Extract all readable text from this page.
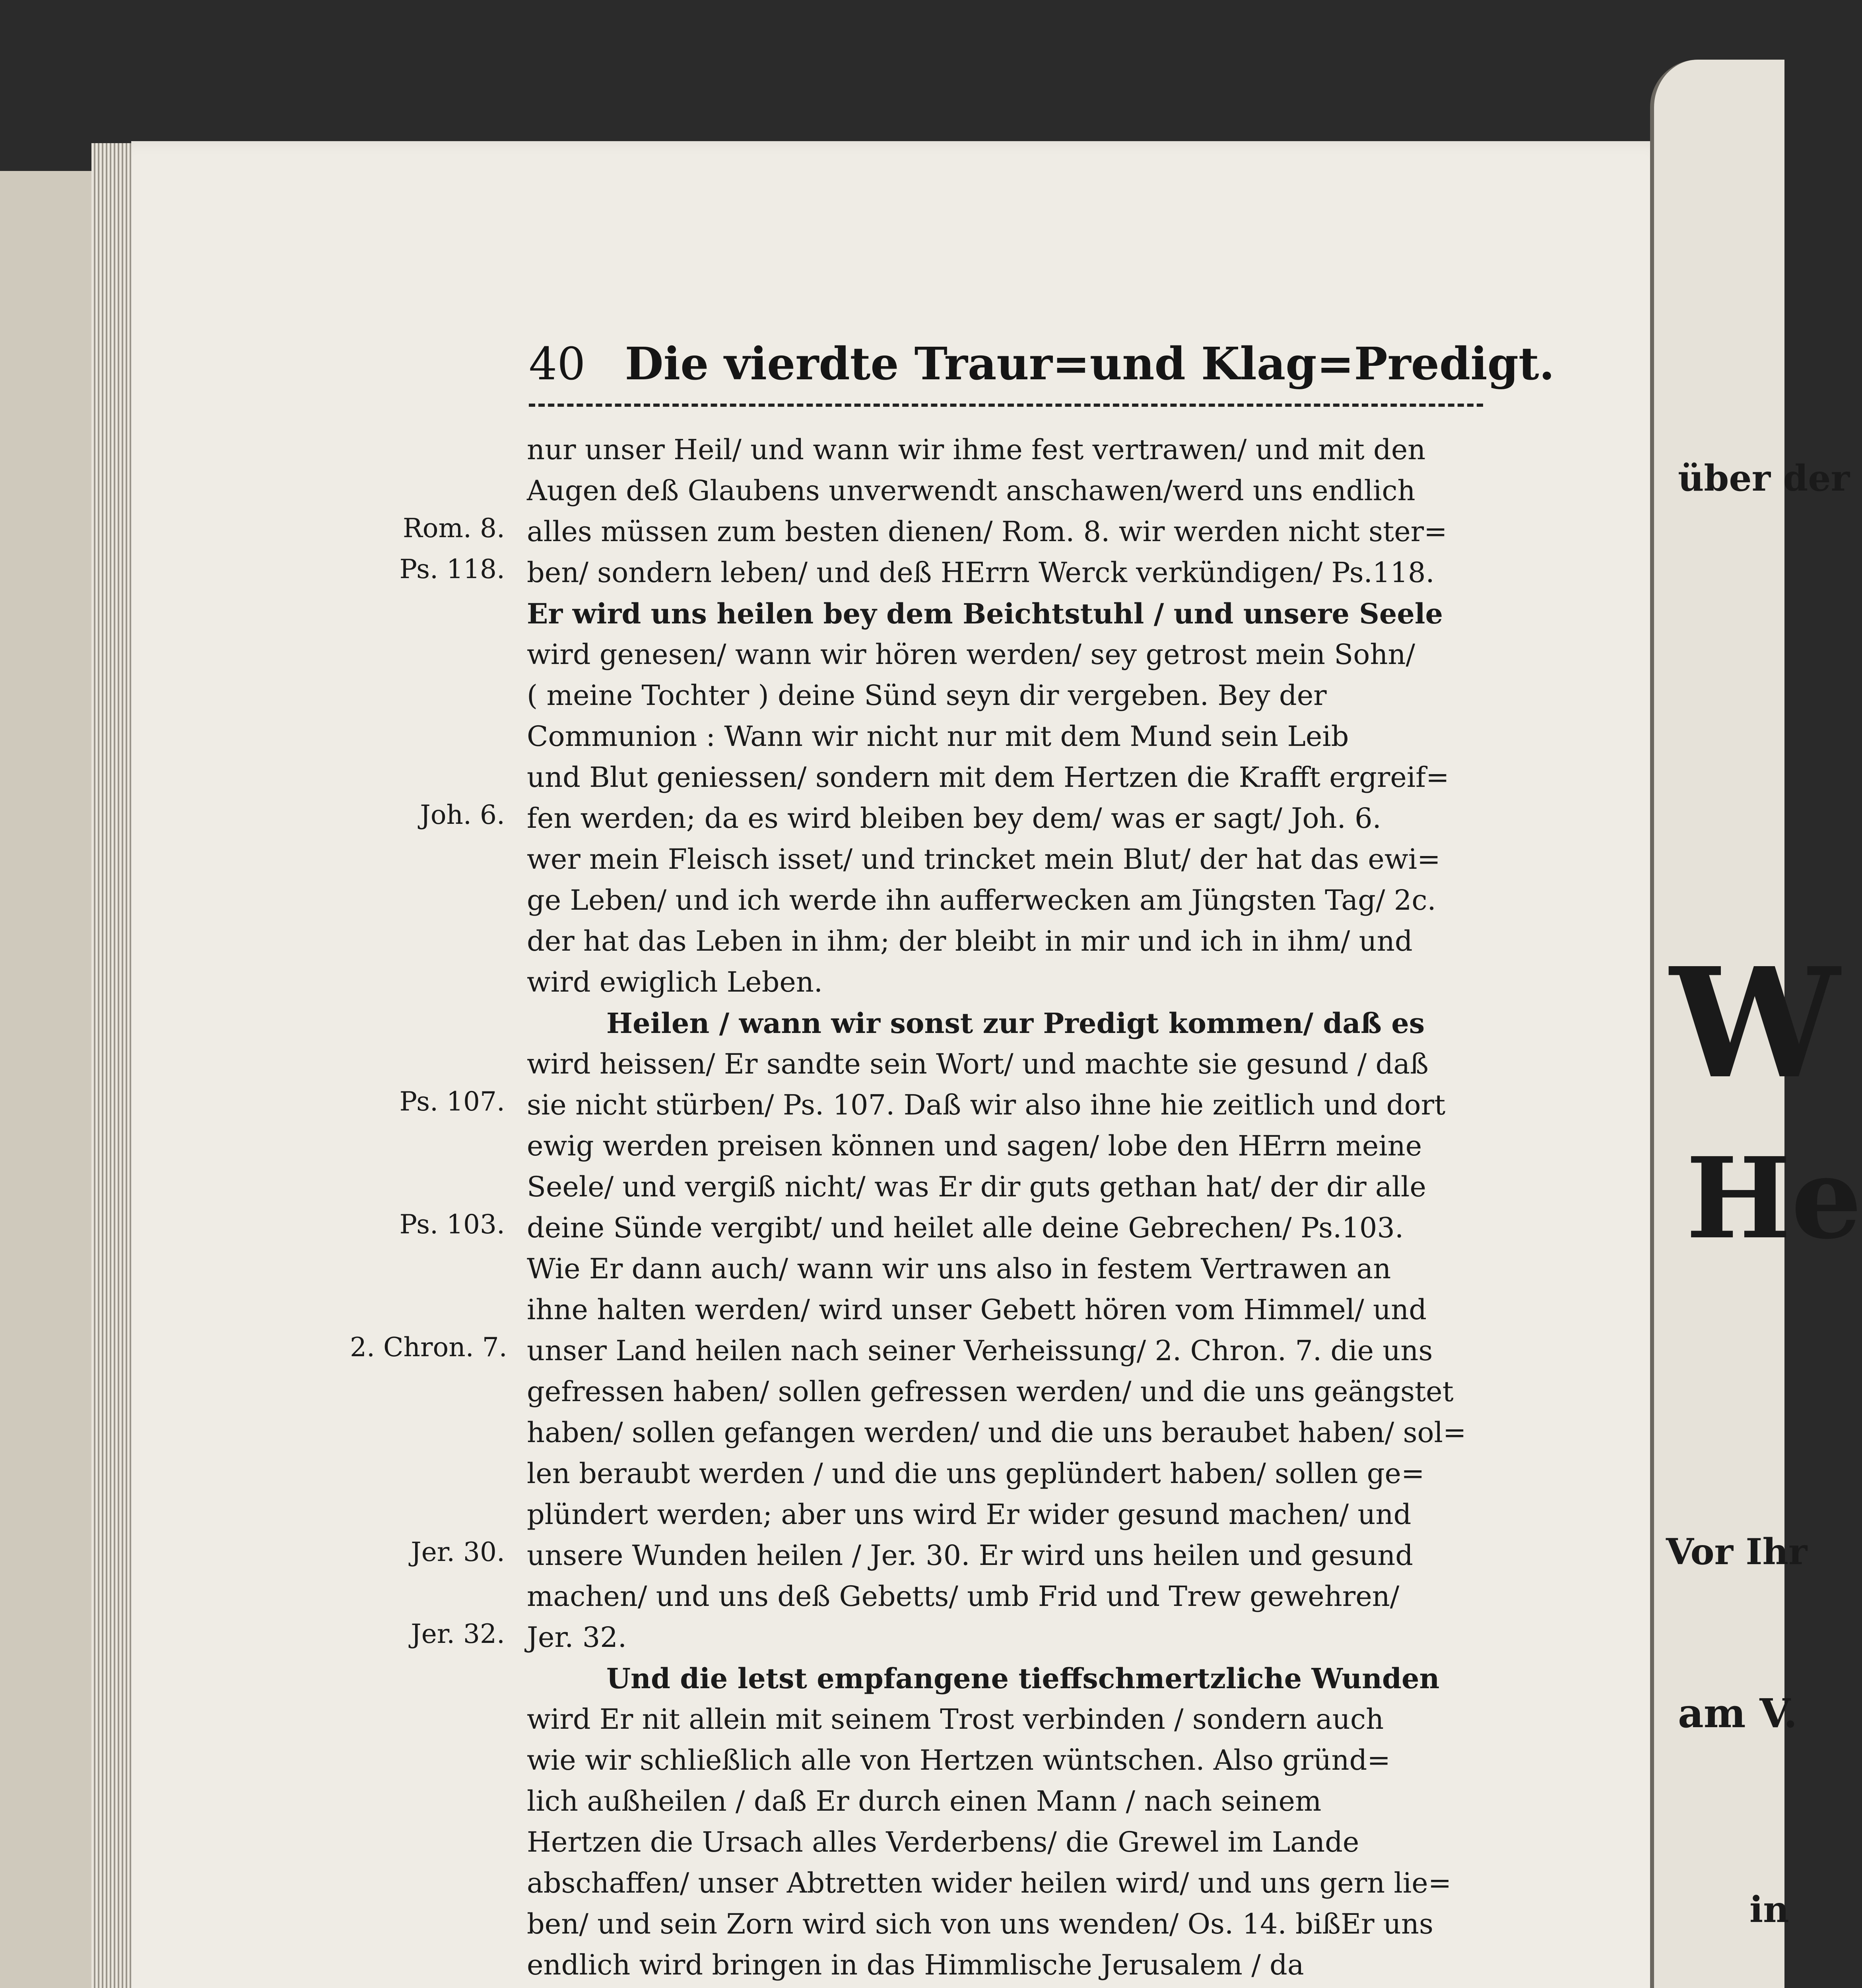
40 Die vierdte Traur=und Klag=Predigt.
nur unser Heil/ und wann wir ihme fest vertrawen/ und mit den
Augen deß Glaubens unverwendt anschawen/werd uns endlich
alles müssen zum besten dienen/ Rom. 8. wir werden nicht ster=
ben/ sondern leben/ und deß HErrn Werck verkündigen/ Ps.118.
Er wird uns heilen bey dem Beichtstuhl / und unsere Seele
wird genesen/ wann wir hören werden/ sey getrost mein Sohn/
( meine Tochter ) deine Sünd seyn dir vergeben. Bey der
Communion : Wann wir nicht nur mit dem Mund sein Leib
und Blut geniessen/ sondern mit dem Hertzen die Krafft ergreif=
fen werden; da es wird bleiben bey dem/ was er sagt/ Joh. 6.
wer mein Fleisch isset/ und trincket mein Blut/ der hat das ewi=
ge Leben/ und ich werde ihn aufferwecken am Jüngsten Tag/ 2c.
der hat das Leben in ihm; der bleibt in mir und ich in ihm/ und
wird ewiglich Leben.
Heilen / wann wir sonst zur Predigt kommen/ daß es
wird heissen/ Er sandte sein Wort/ und machte sie gesund / daß
sie nicht stürben/ Ps. 107. Daß wir also ihne hie zeitlich und dort
ewig werden preisen können und sagen/ lobe den HErrn meine
Seele/ und vergiß nicht/ was Er dir guts gethan hat/ der dir alle
deine Sünde vergibt/ und heilet alle deine Gebrechen/ Ps.103.
Wie Er dann auch/ wann wir uns also in festem Vertrawen an
ihne halten werden/ wird unser Gebett hören vom Himmel/ und
unser Land heilen nach seiner Verheissung/ 2. Chron. 7. die uns
gefressen haben/ sollen gefressen werden/ und die uns geängstet
haben/ sollen gefangen werden/ und die uns beraubet haben/ sol=
len beraubt werden / und die uns geplündert haben/ sollen ge=
plündert werden; aber uns wird Er wider gesund machen/ und
unsere Wunden heilen / Jer. 30. Er wird uns heilen und gesund
machen/ und uns deß Gebetts/ umb Frid und Trew gewehren/
Jer. 32.
Und die letst empfangene tieffschmertzliche Wunden
wird Er nit allein mit seinem Trost verbinden / sondern auch
wie wir schließlich alle von Hertzen wüntschen. Also gründ=
lich außheilen / daß Er durch einen Mann / nach seinem
Hertzen die Ursach alles Verderbens/ die Grewel im Lande
abschaffen/ unser Abtretten wider heilen wird/ und uns gern lie=
ben/ und sein Zorn wird sich von uns wenden/ Os. 14. bißEr uns
endlich wird bringen in das Himmlische Jerusalem / da
Rom. 8.
Ps. 118.
Joh. 6.
Ps. 107.
Ps. 103.
2. Chron. 7.
Jer. 30.
Jer. 32.
über der
W
He
Vor Ihr
am V.
in
